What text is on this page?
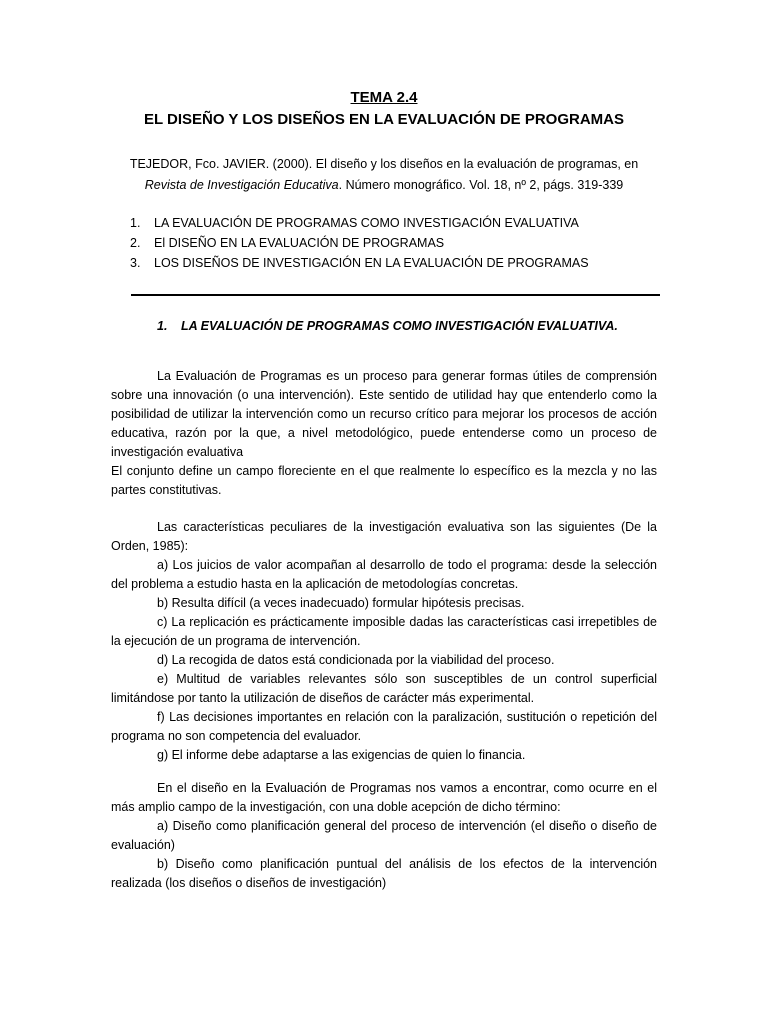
TEMA 2.4
EL DISEÑO Y LOS DISEÑOS EN LA EVALUACIÓN DE PROGRAMAS
TEJEDOR, Fco. JAVIER. (2000). El diseño y los diseños en la evaluación de programas, en
Revista de Investigación Educativa. Número monográfico. Vol. 18, nº 2, págs. 319-339
1.	LA EVALUACIÓN DE PROGRAMAS COMO INVESTIGACIÓN EVALUATIVA
2.	El DISEÑO EN LA EVALUACIÓN DE PROGRAMAS
3.	LOS DISEÑOS DE INVESTIGACIÓN EN LA EVALUACIÓN DE PROGRAMAS
1. LA EVALUACIÓN DE PROGRAMAS COMO INVESTIGACIÓN EVALUATIVA.

La Evaluación de Programas es un proceso para generar formas útiles de comprensión sobre una innovación (o una intervención). Este sentido de utilidad hay que entenderlo como la posibilidad de utilizar la intervención como un recurso crítico para mejorar los procesos de acción educativa, razón por la que, a nivel metodológico, puede entenderse como un proceso de investigación evaluativa

El conjunto define un campo floreciente en el que realmente lo específico es la mezcla y no las partes constitutivas.

Las características peculiares de la investigación evaluativa son las siguientes (De la Orden, 1985):

a) Los juicios de valor acompañan al desarrollo de todo el programa: desde la selección del problema a estudio hasta en la aplicación de metodologías concretas.

b) Resulta difícil (a veces inadecuado) formular hipótesis precisas.

c) La replicación es prácticamente imposible dadas las características casi irrepetibles de la ejecución de un programa de intervención.

d) La recogida de datos está condicionada por la viabilidad del proceso.

e) Multitud de variables relevantes sólo son susceptibles de un control superficial limitándose por tanto la utilización de diseños de carácter más experimental.

f) Las decisiones importantes en relación con la paralización, sustitución o repetición del programa no son competencia del evaluador.

g) El informe debe adaptarse a las exigencias de quien lo financia.

En el diseño en la Evaluación de Programas nos vamos a encontrar, como ocurre en el más amplio campo de la investigación, con una doble acepción de dicho término:

a) Diseño como planificación general del proceso de intervención (el diseño o diseño de evaluación)

b) Diseño como planificación puntual del análisis de los efectos de la intervención realizada (los diseños o diseños de investigación)
